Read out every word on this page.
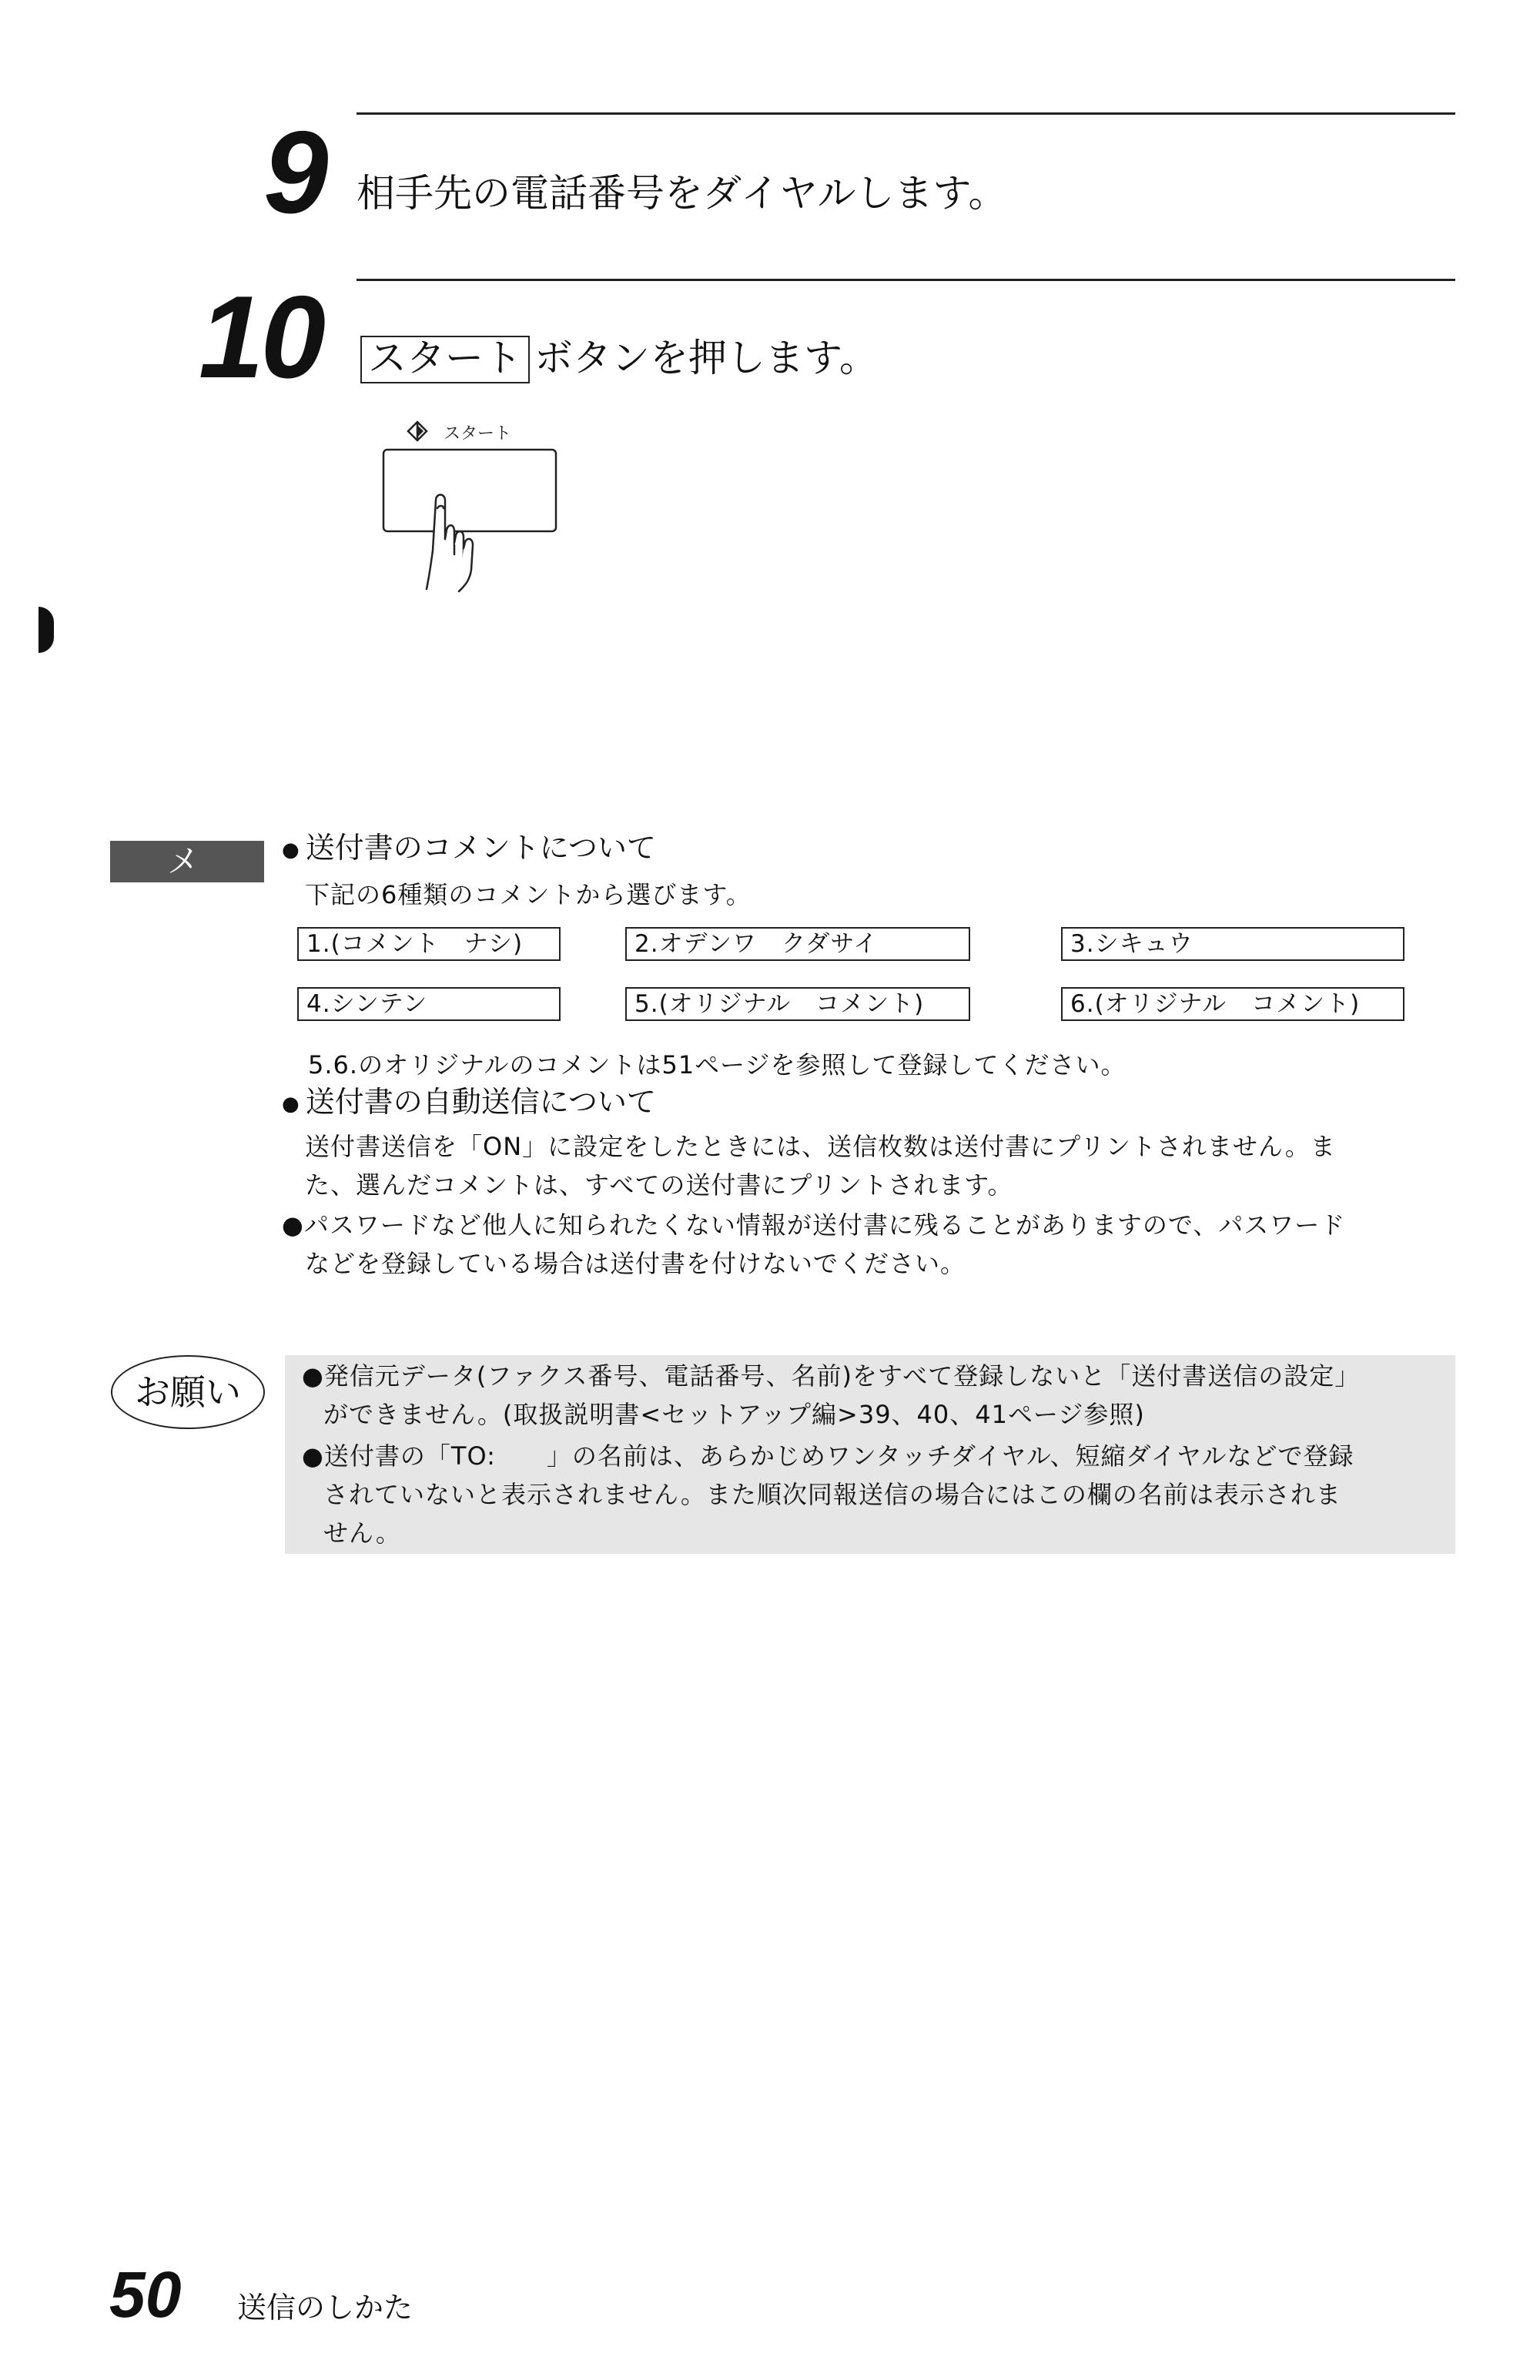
9 相手先の電話番号をダイヤルします。
10 スタート ボタンを押します。
スタート
メ モ
● 送付書のコメントについて
下記の6種類のコメントから選びます。
1.(コメント　ナシ)	2.オデンワ　クダサイ	3.シキュウ
4.シンテン	5.(オリジナル　コメント)	6.(オリジナル　コメント)
5.6.のオリジナルのコメントは51ページを参照して登録してください。
● 送付書の自動送信について
送付書送信を「ON」に設定をしたときには、送信枚数は送付書にプリントされません。ま
た、選んだコメントは、すべての送付書にプリントされます。
●パスワードなど他人に知られたくない情報が送付書に残ることがありますので、パスワード
などを登録している場合は送付書を付けないでください。
お願い	●発信元データ(ファクス番号、電話番号、名前)をすべて登録しないと「送付書送信の設定」
ができません。(取扱説明書<セットアップ編>39、40、41ページ参照)
●送付書の「TO:　　」の名前は、あらかじめワンタッチダイヤル、短縮ダイヤルなどで登録
されていないと表示されません。また順次同報送信の場合にはこの欄の名前は表示されま
せん。
50 送信のしかた
